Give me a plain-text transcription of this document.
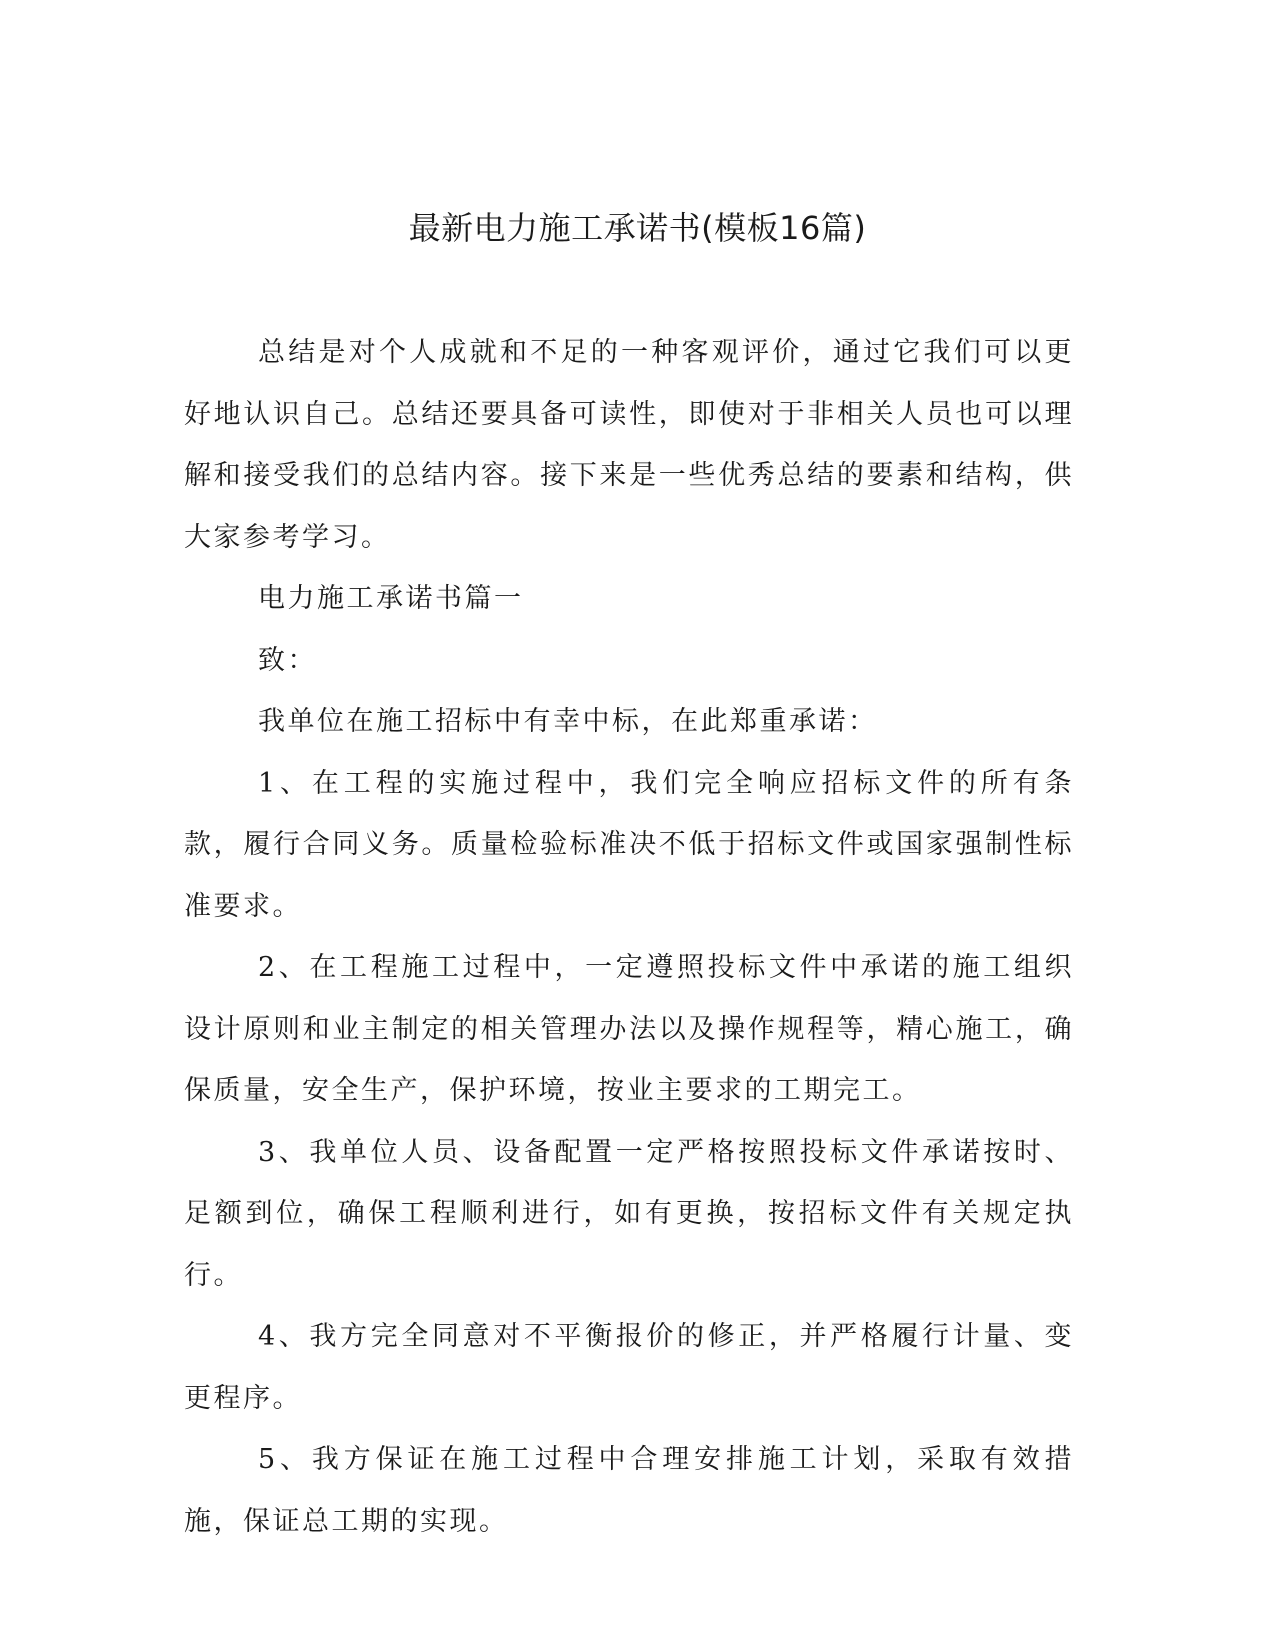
最新电力施工承诺书(模板16篇)

总结是对个人成就和不足的一种客观评价，通过它我们可以更好地认识自己。总结还要具备可读性，即使对于非相关人员也可以理解和接受我们的总结内容。接下来是一些优秀总结的要素和结构，供大家参考学习。

电力施工承诺书篇一

致：

我单位在施工招标中有幸中标，在此郑重承诺：

1、在工程的实施过程中，我们完全响应招标文件的所有条款，履行合同义务。质量检验标准决不低于招标文件或国家强制性标准要求。

2、在工程施工过程中，一定遵照投标文件中承诺的施工组织设计原则和业主制定的相关管理办法以及操作规程等，精心施工，确保质量，安全生产，保护环境，按业主要求的工期完工。

3、我单位人员、设备配置一定严格按照投标文件承诺按时、足额到位，确保工程顺利进行，如有更换，按招标文件有关规定执行。

4、我方完全同意对不平衡报价的修正，并严格履行计量、变更程序。

5、我方保证在施工过程中合理安排施工计划，采取有效措施，保证总工期的实现。
